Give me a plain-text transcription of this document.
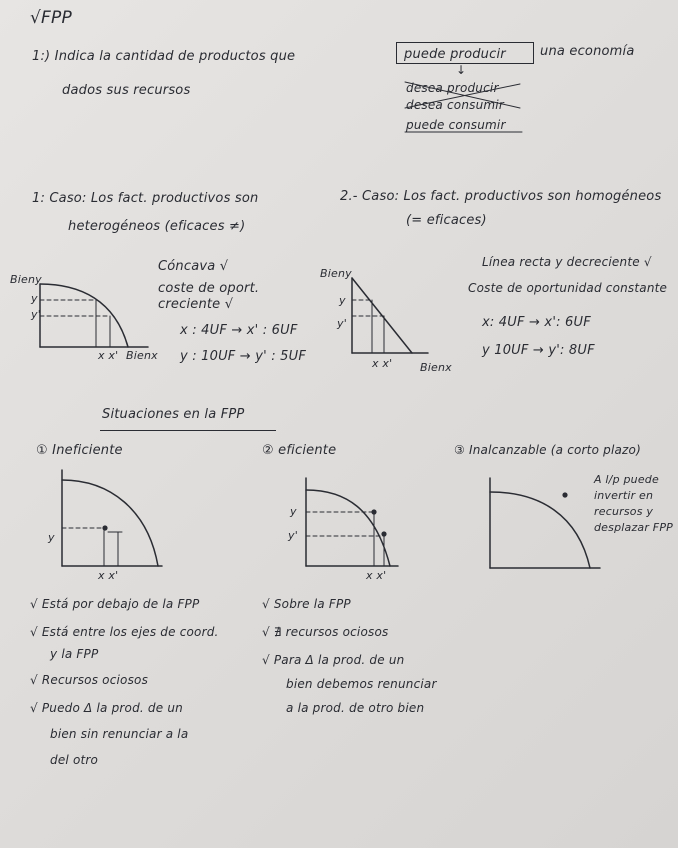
√FPP
1:) Indica la cantidad de productos que	puede producir	una economía
dados sus recursos
↓
desea producir
desea consumir
puede consumir
1: Caso: Los fact. productivos son
heterogéneos (eficaces ≠)
Bieny
y
y'
x x' Bienx
Cóncava √
coste de oport.
creciente √
x : 4UF → x' : 6UF
y : 10UF → y' : 5UF
2.- Caso: Los fact. productivos son homogéneos
(= eficaces)
Bieny
y
y'
x x'	Bienx
Línea recta y decreciente √
Coste de oportunidad constante
x: 4UF → x': 6UF
y 10UF → y': 8UF
Situaciones en la FPP
① Ineficiente
y
x x'
√ Está por debajo de la FPP
√ Está entre los ejes de coord.
y la FPP
√ Recursos ociosos
√ Puedo Δ la prod. de un
bien sin renunciar a la
del otro
② eficiente
y
y'
x x'
√ Sobre la FPP
√ ∄ recursos ociosos
√ Para Δ la prod. de un
bien debemos renunciar
a la prod. de otro bien
③ Inalcanzable (a corto plazo)
A l/p puede
invertir en
recursos y
desplazar FPP
